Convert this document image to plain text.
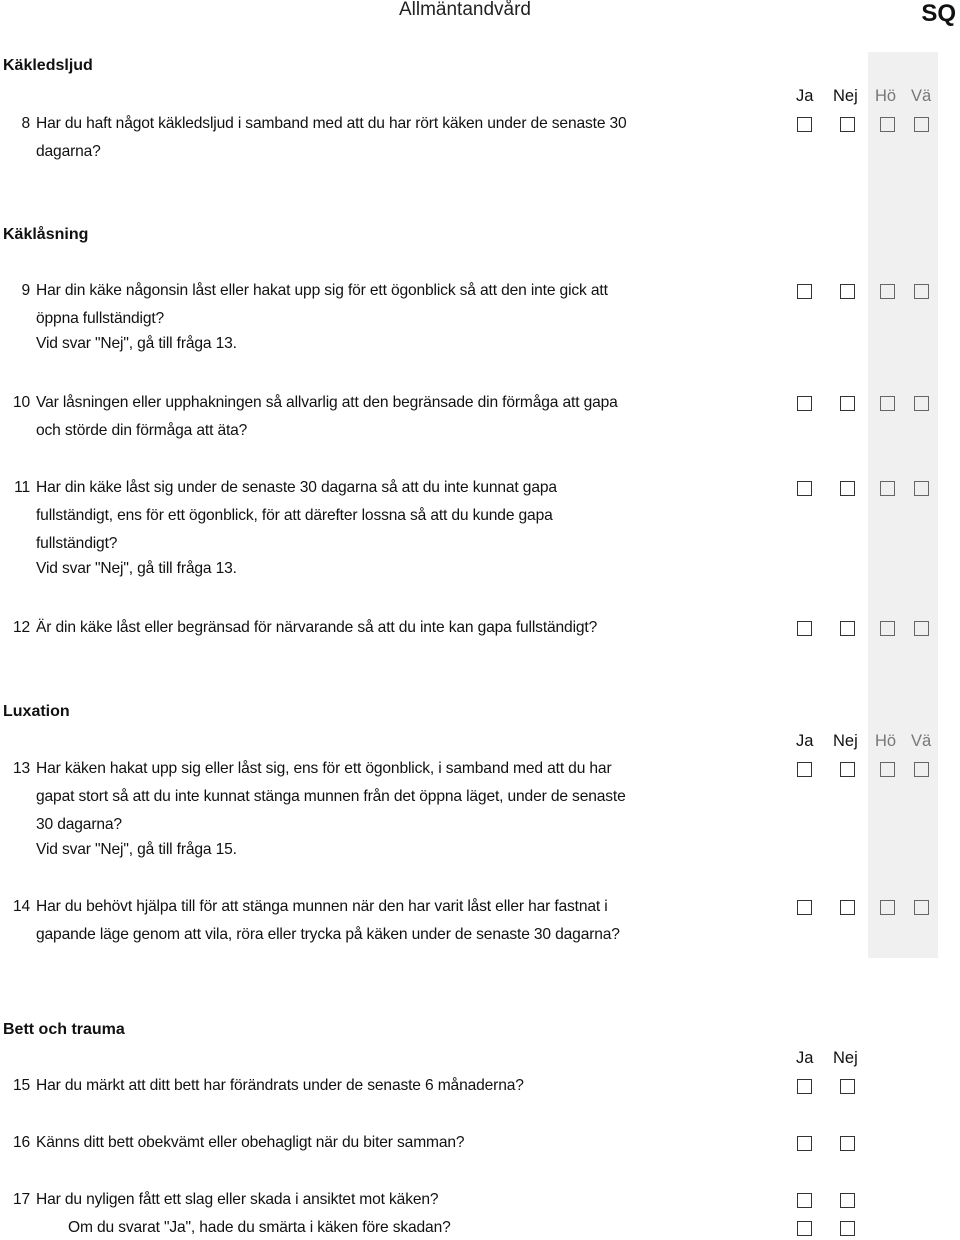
Allmäntandvård	SQ
Käkledsljud
Ja Nej Hö Vä
8 Har du haft något käkledsljud i samband med att du har rört käken under de senaste 30
dagarna?
Käklåsning
9 Har din käke någonsin låst eller hakat upp sig för ett ögonblick så att den inte gick att
öppna fullständigt?
Vid svar "Nej", gå till fråga 13.
10 Var låsningen eller upphakningen så allvarlig att den begränsade din förmåga att gapa
och störde din förmåga att äta?
11 Har din käke låst sig under de senaste 30 dagarna så att du inte kunnat gapa
fullständigt, ens för ett ögonblick, för att därefter lossna så att du kunde gapa
fullständigt?
Vid svar "Nej", gå till fråga 13.
12 Är din käke låst eller begränsad för närvarande så att du inte kan gapa fullständigt?
Luxation
Ja Nej Hö Vä
13 Har käken hakat upp sig eller låst sig, ens för ett ögonblick, i samband med att du har
gapat stort så att du inte kunnat stänga munnen från det öppna läget, under de senaste
30 dagarna?
Vid svar "Nej", gå till fråga 15.
14 Har du behövt hjälpa till för att stänga munnen när den har varit låst eller har fastnat i
gapande läge genom att vila, röra eller trycka på käken under de senaste 30 dagarna?
Bett och trauma
Ja Nej
15 Har du märkt att ditt bett har förändrats under de senaste 6 månaderna?
16 Känns ditt bett obekvämt eller obehagligt när du biter samman?
17 Har du nyligen fått ett slag eller skada i ansiktet mot käken?
Om du svarat "Ja", hade du smärta i käken före skadan?
